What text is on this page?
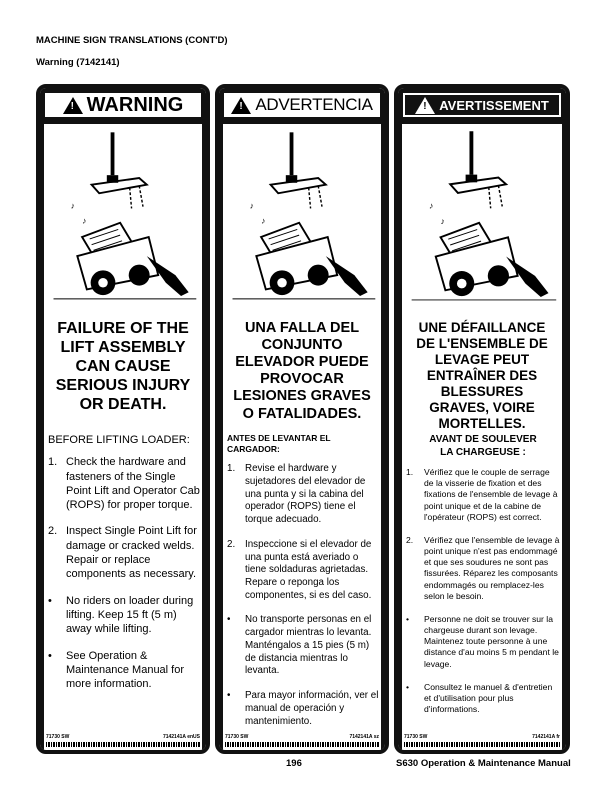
MACHINE SIGN TRANSLATIONS (CONT'D)
Warning (7142141)
! WARNING
♪
♪
FAILURE OF THE LIFT ASSEMBLY CAN CAUSE SERIOUS INJURY OR DEATH.
BEFORE LIFTING LOADER:
1. Check the hardware and fasteners of the Single Point Lift and Operator Cab (ROPS) for proper torque.
2. Inspect Single Point Lift for damage or cracked welds. Repair or replace components as necessary.
•	No riders on loader during lifting. Keep 15 ft (5 m) away while lifting.
•	See Operation & Maintenance Manual for more information.
71730 SW	7142141A enUS
! ADVERTENCIA
♪
♪
UNA FALLA DEL CONJUNTO ELEVADOR PUEDE PROVOCAR LESIONES GRAVES O FATALIDADES.
ANTES DE LEVANTAR EL CARGADOR:
1.	Revise el hardware y sujetadores del elevador de una punta y si la cabina del operador (ROPS) tiene el torque adecuado.
2.	Inspeccione si el elevador de una punta está averiado o tiene soldaduras agrietadas. Repare o reponga los componentes, si es del caso.
•	No transporte personas en el cargador mientras lo levanta. Manténgalos a 15 pies (5 m) de distancia mientras lo levanta.
•	Para mayor información, ver el manual de operación y mantenimiento.
71730 SW	7142141A sz
! AVERTISSEMENT
♪
♪
UNE DÉFAILLANCE DE L'ENSEMBLE DE LEVAGE PEUT ENTRAÎNER DES BLESSURES GRAVES, VOIRE MORTELLES.
AVANT DE SOULEVER LA CHARGEUSE :
1.	Vérifiez que le couple de serrage de la visserie de fixation et des fixations de l'ensemble de levage à point unique et de la cabine de l'opérateur (ROPS) est correct.
2.	Vérifiez que l'ensemble de levage à point unique n'est pas endommagé et que ses soudures ne sont pas fissurées. Réparez les composants endommagés ou remplacez-les selon le besoin.
•	Personne ne doit se trouver sur la chargeuse durant son levage. Maintenez toute personne à une distance d'au moins 5 m pendant le levage.
•	Consultez le manuel & d'entretien et d'utilisation pour plus d'informations.
71730 SW	7142141A fr
196	S630 Operation & Maintenance Manual
